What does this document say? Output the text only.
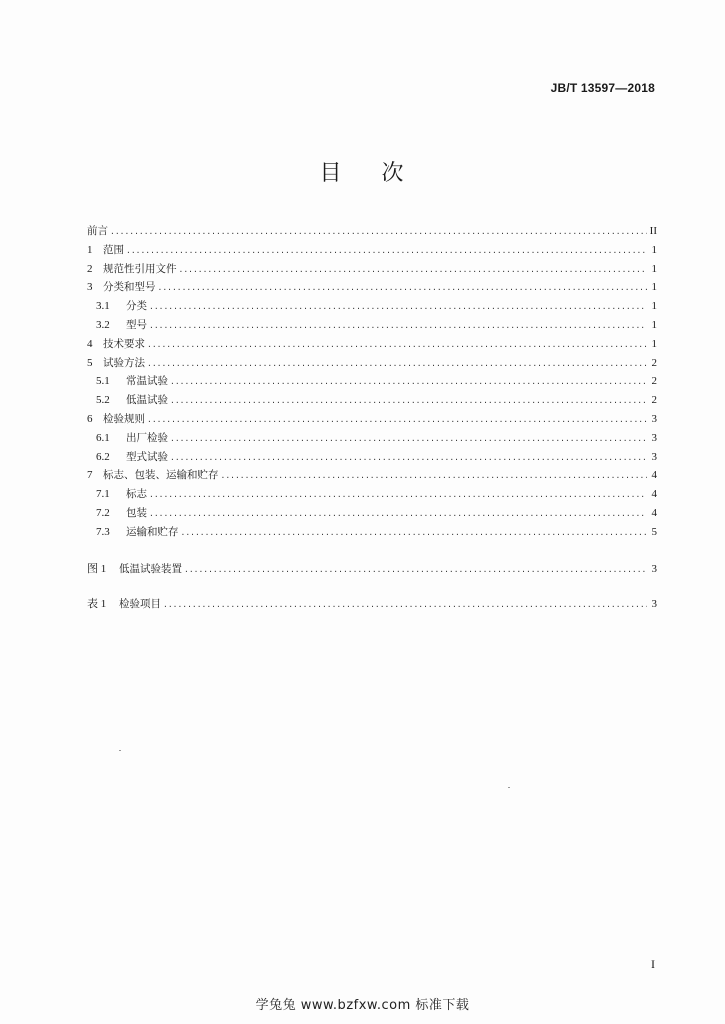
JB/T 13597—2018
目 次
前言 .....	II
1	范围 .....	1
2	规范性引用文件 .....	1
3	分类和型号 .....	1
3.1	分类 .....	1
3.2	型号 .....	1
4	技术要求 .....	1
5	试验方法 .....	2
5.1	常温试验 .....	2
5.2	低温试验 .....	2
6	检验规则 .....	3
6.1	出厂检验 .....	3
6.2	型式试验 .....	3
7	标志、包装、运输和贮存 .....	4
7.1	标志 .....	4
7.2	包装 .....	4
7.3	运输和贮存 .....	5
图 1	低温试验装置 .....	3
表 1	检验项目 .....	3
I
学兔兔 www.bzfxw.com 标准下载
